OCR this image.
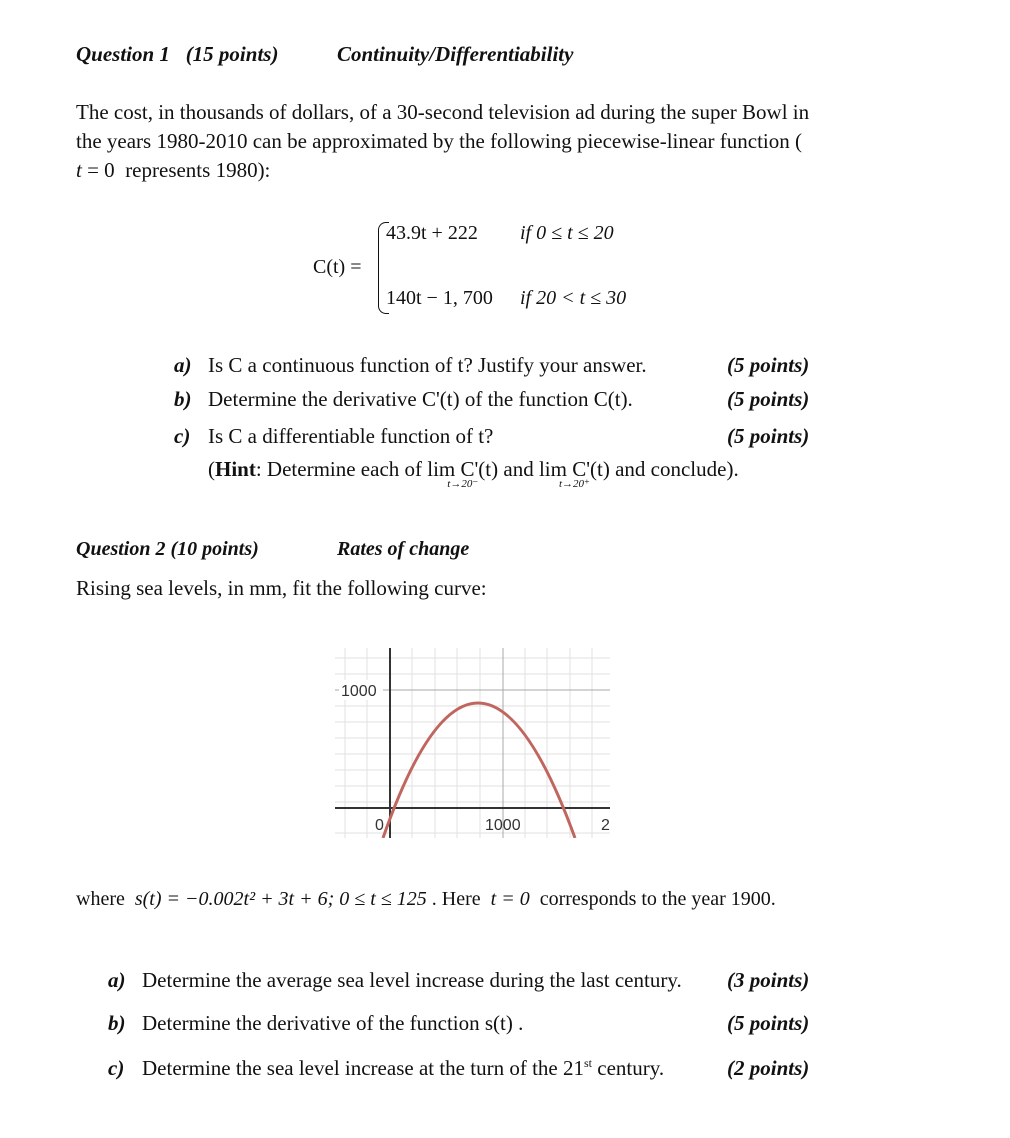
Question 1 (15 points)	Continuity/Differentiability
The cost, in thousands of dollars, of a 30-second television ad during the super Bowl in
the years 1980-2010 can be approximated by the following piecewise-linear function (
t = 0 represents 1980):
C(t) =
43.9t + 222 if 0 ≤ t ≤ 20
140t − 1, 700 if 20 < t ≤ 30
a) Is C a continuous function of t? Justify your answer.	(5 points)
b) Determine the derivative C'(t) of the function C(t).	(5 points)
c) Is C a differentiable function of t?	(5 points)
(Hint: Determine each of lim C'(t)
t→20⁻
and lim C'(t)
t→20⁺
and conclude).
Question 2 (10 points)	Rates of change
Rising sea levels, in mm, fit the following curve:
1000
0	1000	2
where s(t) = −0.002t² + 3t + 6; 0 ≤ t ≤ 125 . Here t = 0 corresponds to the year 1900.
a) Determine the average sea level increase during the last century. (3 points)
b) Determine the derivative of the function s(t) .	(5 points)
c) Determine the sea level increase at the turn of the 21st century.	(2 points)
